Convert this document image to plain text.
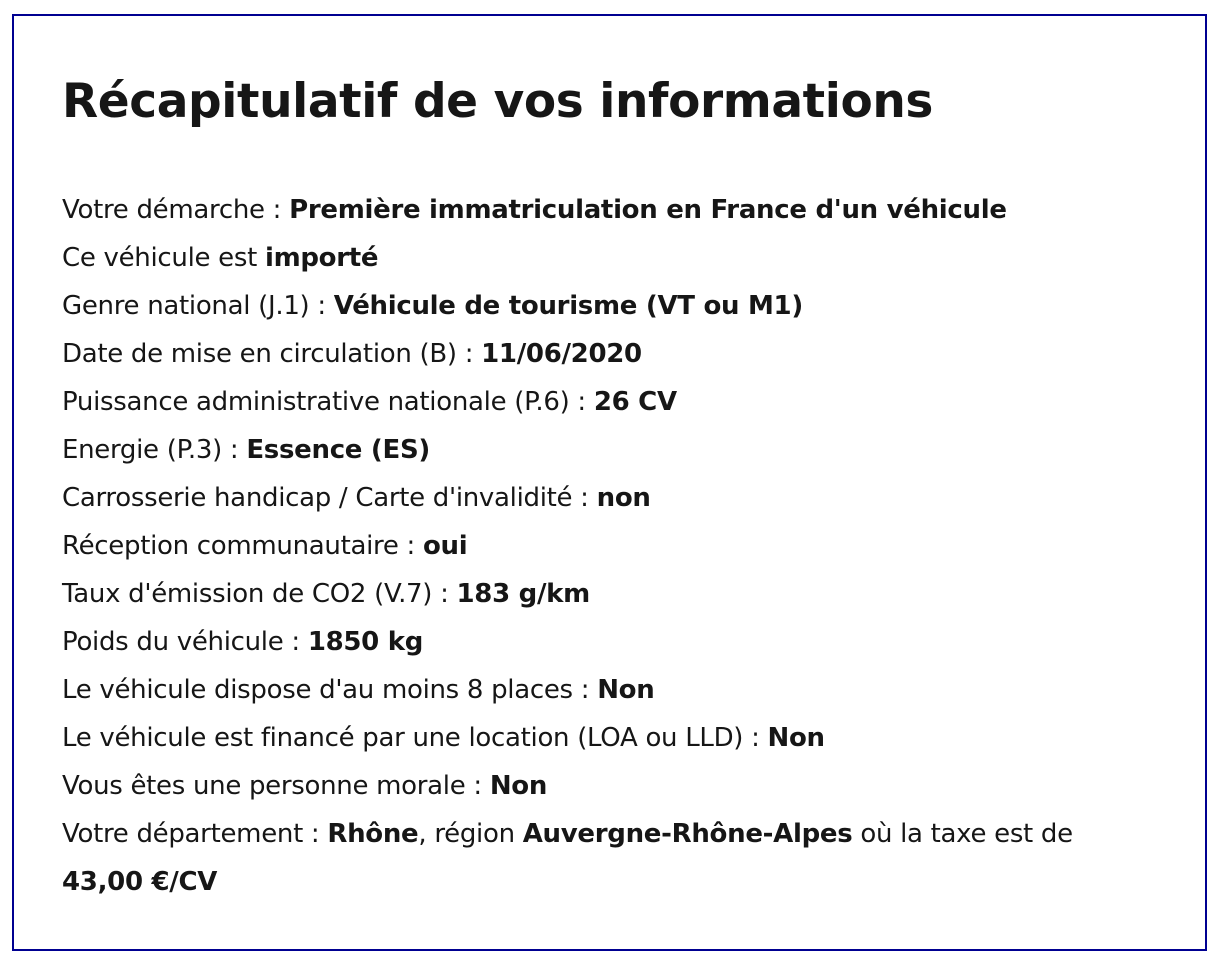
Récapitulatif de vos informations
Votre démarche : Première immatriculation en France d'un véhicule
Ce véhicule est importé
Genre national (J.1) : Véhicule de tourisme (VT ou M1)
Date de mise en circulation (B) : 11/06/2020
Puissance administrative nationale (P.6) : 26 CV
Energie (P.3) : Essence (ES)
Carrosserie handicap / Carte d'invalidité : non
Réception communautaire : oui
Taux d'émission de CO2 (V.7) : 183 g/km
Poids du véhicule : 1850 kg
Le véhicule dispose d'au moins 8 places : Non
Le véhicule est financé par une location (LOA ou LLD) : Non
Vous êtes une personne morale : Non
Votre département : Rhône, région Auvergne-Rhône-Alpes où la taxe est de 43,00 €/CV
